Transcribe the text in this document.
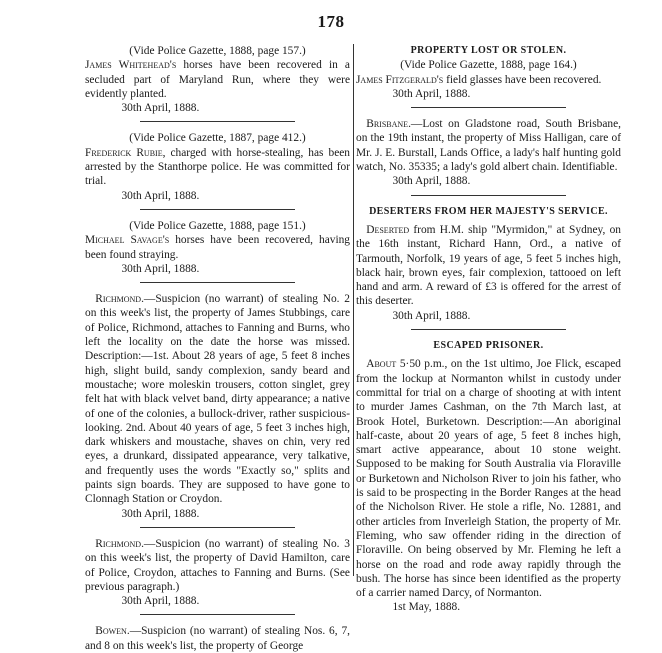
178

(Vide Police Gazette, 1888, page 157.)

James Whitehead's horses have been recovered in a secluded part of Maryland Run, where they were evidently planted.

30th April, 1888.

(Vide Police Gazette, 1887, page 412.)

Frederick Rubie, charged with horse-stealing, has been arrested by the Stanthorpe police. He was committed for trial.

30th April, 1888.

(Vide Police Gazette, 1888, page 151.)

Michael Savage's horses have been recovered, having been found straying.

30th April, 1888.

Richmond.—Suspicion (no warrant) of stealing No. 2 on this week's list, the property of James Stubbings, care of Police, Richmond, attaches to Fanning and Burns, who left the locality on the date the horse was missed. Description:—1st. About 28 years of age, 5 feet 8 inches high, slight build, sandy complexion, sandy beard and moustache; wore moleskin trousers, cotton singlet, grey felt hat with black velvet band, dirty appearance; a native of one of the colonies, a bullock-driver, rather suspicious-looking. 2nd. About 40 years of age, 5 feet 3 inches high, dark whiskers and moustache, shaves on chin, very red eyes, a drunkard, dissipated appearance, very talkative, and frequently uses the words "Exactly so," splits and paints sign boards. They are supposed to have gone to Clonnagh Station or Croydon.

30th April, 1888.

Richmond.—Suspicion (no warrant) of stealing No. 3 on this week's list, the property of David Hamilton, care of Police, Croydon, attaches to Fanning and Burns. (See previous paragraph.)

30th April, 1888.

Bowen.—Suspicion (no warrant) of stealing Nos. 6, 7, and 8 on this week's list, the property of George

PROPERTY LOST OR STOLEN.

(Vide Police Gazette, 1888, page 164.)

James Fitzgerald's field glasses have been recovered.

30th April, 1888.

Brisbane.—Lost on Gladstone road, South Brisbane, on the 19th instant, the property of Miss Halligan, care of Mr. J. E. Burstall, Lands Office, a lady's half hunting gold watch, No. 35335; a lady's gold albert chain. Identifiable.

30th April, 1888.

DESERTERS FROM HER MAJESTY'S SERVICE.

Deserted from H.M. ship "Myrmidon," at Sydney, on the 16th instant, Richard Hann, Ord., a native of Tarmouth, Norfolk, 19 years of age, 5 feet 5 inches high, black hair, brown eyes, fair complexion, tattooed on left hand and arm. A reward of £3 is offered for the arrest of this deserter.

30th April, 1888.

ESCAPED PRISONER.

About 5·50 p.m., on the 1st ultimo, Joe Flick, escaped from the lockup at Normanton whilst in custody under committal for trial on a charge of shooting at with intent to murder James Cashman, on the 7th March last, at Brook Hotel, Burketown. Description:—An aboriginal half-caste, about 20 years of age, 5 feet 8 inches high, smart active appearance, about 10 stone weight. Supposed to be making for South Australia via Floraville or Burketown and Nicholson River to join his father, who is said to be prospecting in the Border Ranges at the head of the Nicholson River. He stole a rifle, No. 12881, and other articles from Inverleigh Station, the property of Mr. Fleming, who saw offender riding in the direction of Floraville. On being observed by Mr. Fleming he left a horse on the road and rode away rapidly through the bush. The horse has since been identified as the property of a carrier named Darcy, of Normanton.

1st May, 1888.
